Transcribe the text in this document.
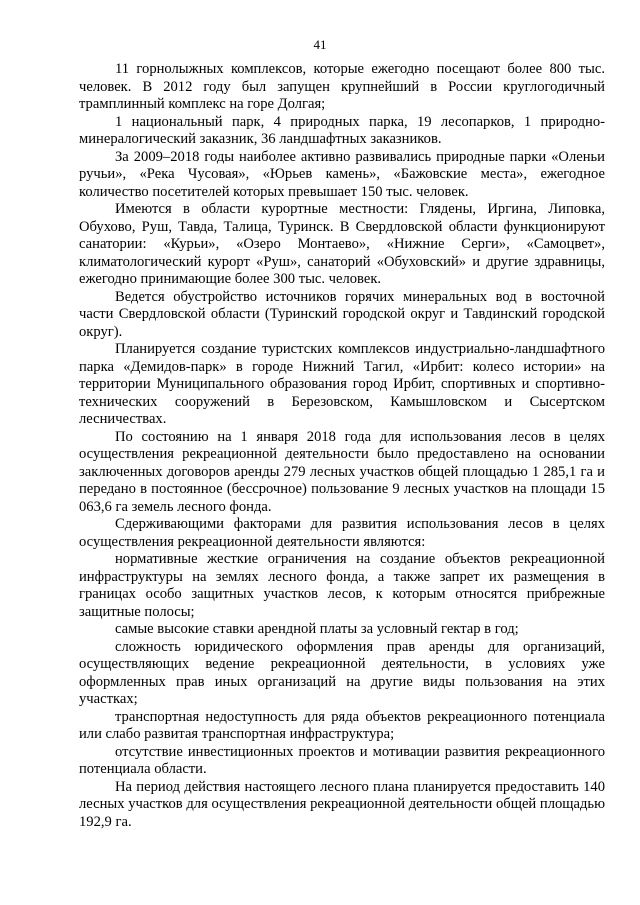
41

11 горнолыжных комплексов, которые ежегодно посещают более 800 тыс. человек. В 2012 году был запущен крупнейший в России круглогодичный трамплинный комплекс на горе Долгая;

1 национальный парк, 4 природных парка, 19 лесопарков, 1 природно-минералогический заказник, 36 ландшафтных заказников.

За 2009–2018 годы наиболее активно развивались природные парки «Оленьи ручьи», «Река Чусовая», «Юрьев камень», «Бажовские места», ежегодное количество посетителей которых превышает 150 тыс. человек.

Имеются в области курортные местности: Глядены, Иргина, Липовка, Обухово, Руш, Тавда, Талица, Туринск. В Свердловской области функционируют санатории: «Курьи», «Озеро Монтаево», «Нижние Серги», «Самоцвет», климатологический курорт «Руш», санаторий «Обуховский» и другие здравницы, ежегодно принимающие более 300 тыс. человек.

Ведется обустройство источников горячих минеральных вод в восточной части Свердловской области (Туринский городской округ и Тавдинский городской округ).

Планируется создание туристских комплексов индустриально-ландшафтного парка «Демидов-парк» в городе Нижний Тагил, «Ирбит: колесо истории» на территории Муниципального образования город Ирбит, спортивных и спортивно-технических сооружений в Березовском, Камышловском и Сысертском лесничествах.

По состоянию на 1 января 2018 года для использования лесов в целях осуществления рекреационной деятельности было предоставлено на основании заключенных договоров аренды 279 лесных участков общей площадью 1 285,1 га и передано в постоянное (бессрочное) пользование 9 лесных участков на площади 15 063,6 га земель лесного фонда.

Сдерживающими факторами для развития использования лесов в целях осуществления рекреационной деятельности являются:

нормативные жесткие ограничения на создание объектов рекреационной инфраструктуры на землях лесного фонда, а также запрет их размещения в границах особо защитных участков лесов, к которым относятся прибрежные защитные полосы;

самые высокие ставки арендной платы за условный гектар в год;

сложность юридического оформления прав аренды для организаций, осуществляющих ведение рекреационной деятельности, в условиях уже оформленных прав иных организаций на другие виды пользования на этих участках;

транспортная недоступность для ряда объектов рекреационного потенциала или слабо развитая транспортная инфраструктура;

отсутствие инвестиционных проектов и мотивации развития рекреационного потенциала области.

На период действия настоящего лесного плана планируется предоставить 140 лесных участков для осуществления рекреационной деятельности общей площадью 192,9 га.
